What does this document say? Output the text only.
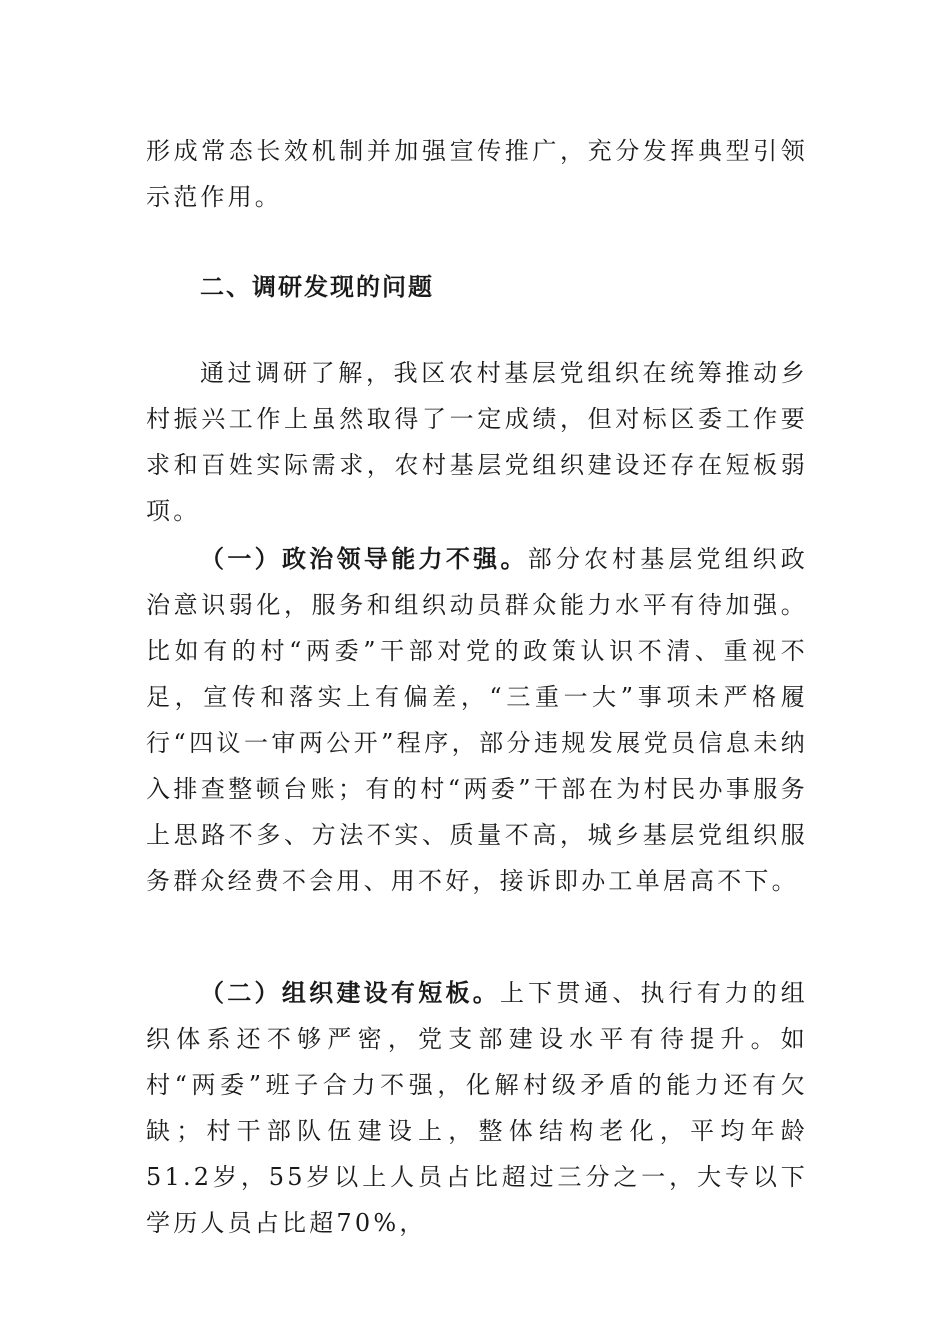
形成常态长效机制并加强宣传推广，充分发挥典型引领示范作用。

二、调研发现的问题

通过调研了解，我区农村基层党组织在统筹推动乡村振兴工作上虽然取得了一定成绩，但对标区委工作要求和百姓实际需求，农村基层党组织建设还存在短板弱项。

（一）政治领导能力不强。部分农村基层党组织政治意识弱化，服务和组织动员群众能力水平有待加强。比如有的村“两委”干部对党的政策认识不清、重视不足，宣传和落实上有偏差，“三重一大”事项未严格履行“四议一审两公开”程序，部分违规发展党员信息未纳入排查整顿台账；有的村“两委”干部在为村民办事服务上思路不多、方法不实、质量不高，城乡基层党组织服务群众经费不会用、用不好，接诉即办工单居高不下。

（二）组织建设有短板。上下贯通、执行有力的组织体系还不够严密，党支部建设水平有待提升。如村“两委”班子合力不强，化解村级矛盾的能力还有欠缺；村干部队伍建设上，整体结构老化，平均年龄51.2岁，55岁以上人员占比超过三分之一，大专以下学历人员占比超70%，
